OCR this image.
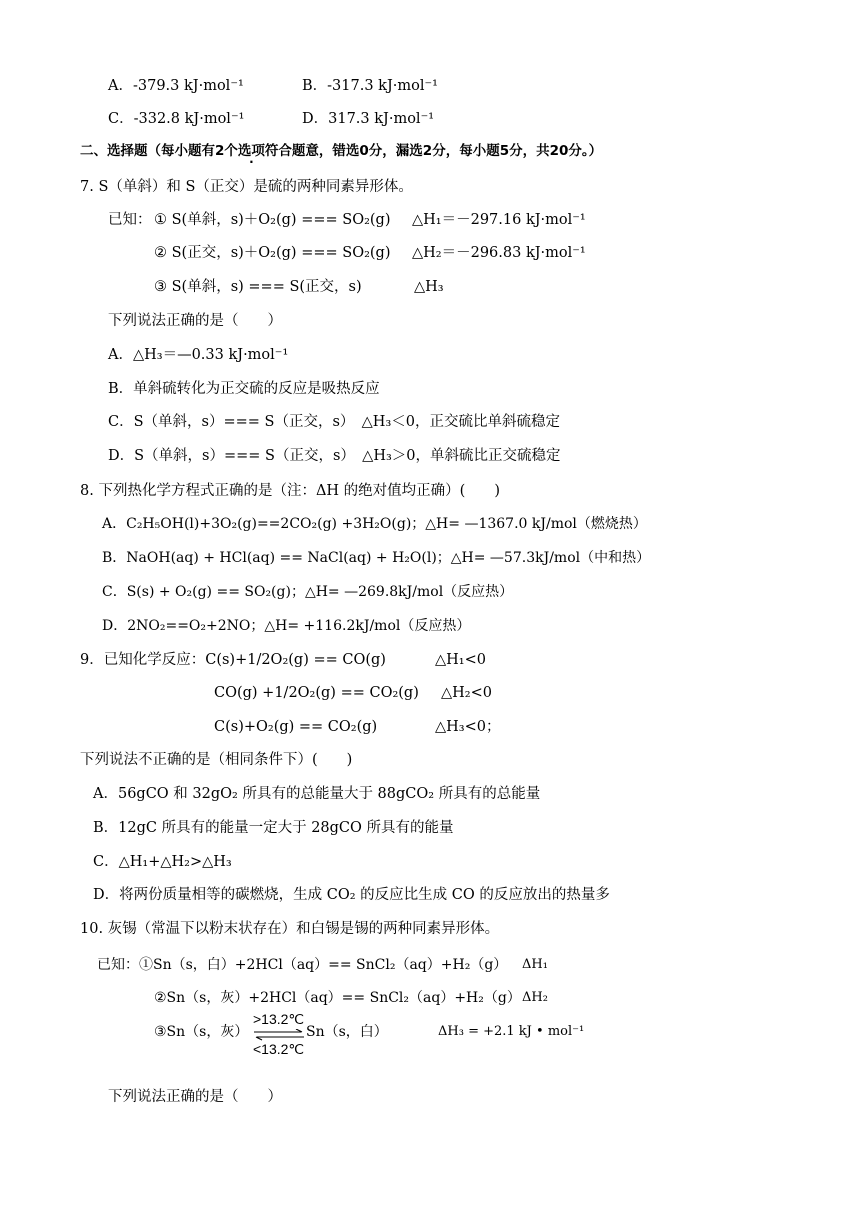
A．-379.3 kJ·mol⁻¹	B．-317.3 kJ·mol⁻¹
C．-332.8 kJ·mol⁻¹	D．317.3 kJ·mol⁻¹
二、选择题（每小题有2个选项符合题意，错选0分，漏选2分，每小题5分，共20分。）
7. S（单斜）和 S（正交）是硫的两种同素异形体。
已知： ① S(单斜，s)＋O₂(g) === SO₂(g) △H₁＝－297.16 kJ·mol⁻¹
② S(正交，s)＋O₂(g) === SO₂(g) △H₂＝－296.83 kJ·mol⁻¹
③ S(单斜，s) === S(正交，s)	△H₃
下列说法正确的是（　　）
A．△H₃＝—0.33 kJ·mol⁻¹
B．单斜硫转化为正交硫的反应是吸热反应
C．S（单斜，s）=== S（正交，s）　△H₃＜0，正交硫比单斜硫稳定
D．S（单斜，s）=== S（正交，s）　△H₃＞0，单斜硫比正交硫稳定
8. 下列热化学方程式正确的是（注：ΔH 的绝对值均正确）(　　)
A．C₂H₅OH(l)+3O₂(g)==2CO₂(g) +3H₂O(g)；△H= —1367.0 kJ/mol（燃烧热）
B．NaOH(aq) + HCl(aq) == NaCl(aq) + H₂O(l)；△H= —57.3kJ/mol（中和热）
C．S(s) + O₂(g) == SO₂(g)；△H= —269.8kJ/mol（反应热）
D．2NO₂==O₂+2NO；△H= +116.2kJ/mol（反应热）
9．已知化学反应：C(s)+1/2O₂(g) == CO(g)	△H₁<0
CO(g) +1/2O₂(g) == CO₂(g) △H₂<0
C(s)+O₂(g) == CO₂(g)	△H₃<0；
下列说法不正确的是（相同条件下）(　　)
A．56gCO 和 32gO₂ 所具有的总能量大于 88gCO₂ 所具有的总能量
B．12gC 所具有的能量一定大于 28gCO 所具有的能量
C．△H₁+△H₂>△H₃
D．将两份质量相等的碳燃烧，生成 CO₂ 的反应比生成 CO 的反应放出的热量多
10. 灰锡（常温下以粉末状存在）和白锡是锡的两种同素异形体。
已知：①Sn（s，白）+2HCl（aq）== SnCl₂（aq）+H₂（g） ΔH₁
②Sn（s，灰）+2HCl（aq）== SnCl₂（aq）+H₂（g） ΔH₂
③Sn（s，灰）
>13.2℃
<13.2℃
Sn（s，白）	ΔH₃ = +2.1 kJ • mol⁻¹
下列说法正确的是（　　）
